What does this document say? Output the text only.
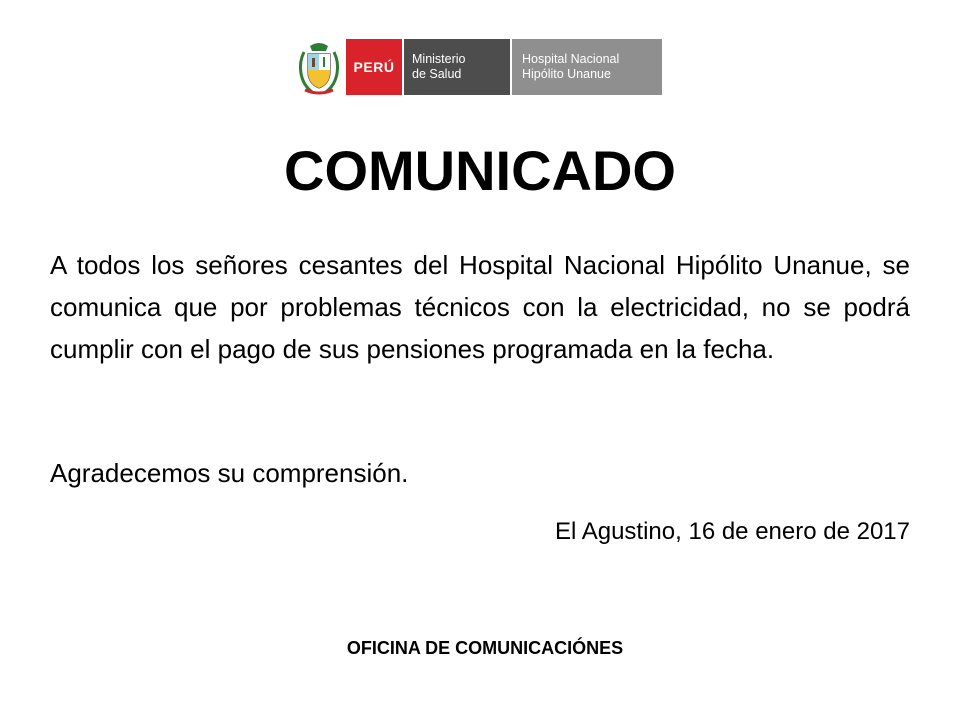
PERÚ Ministerio
de Salud
Hospital Nacional
Hipólito Unanue
COMUNICADO

A todos los señores cesantes del Hospital Nacional Hipólito Unanue, se comunica que por problemas técnicos con la electricidad, no se podrá cumplir con el pago de sus pensiones programada en la fecha.

Agradecemos su comprensión.

El Agustino, 16 de enero de 2017

OFICINA DE COMUNICACIÓNES
